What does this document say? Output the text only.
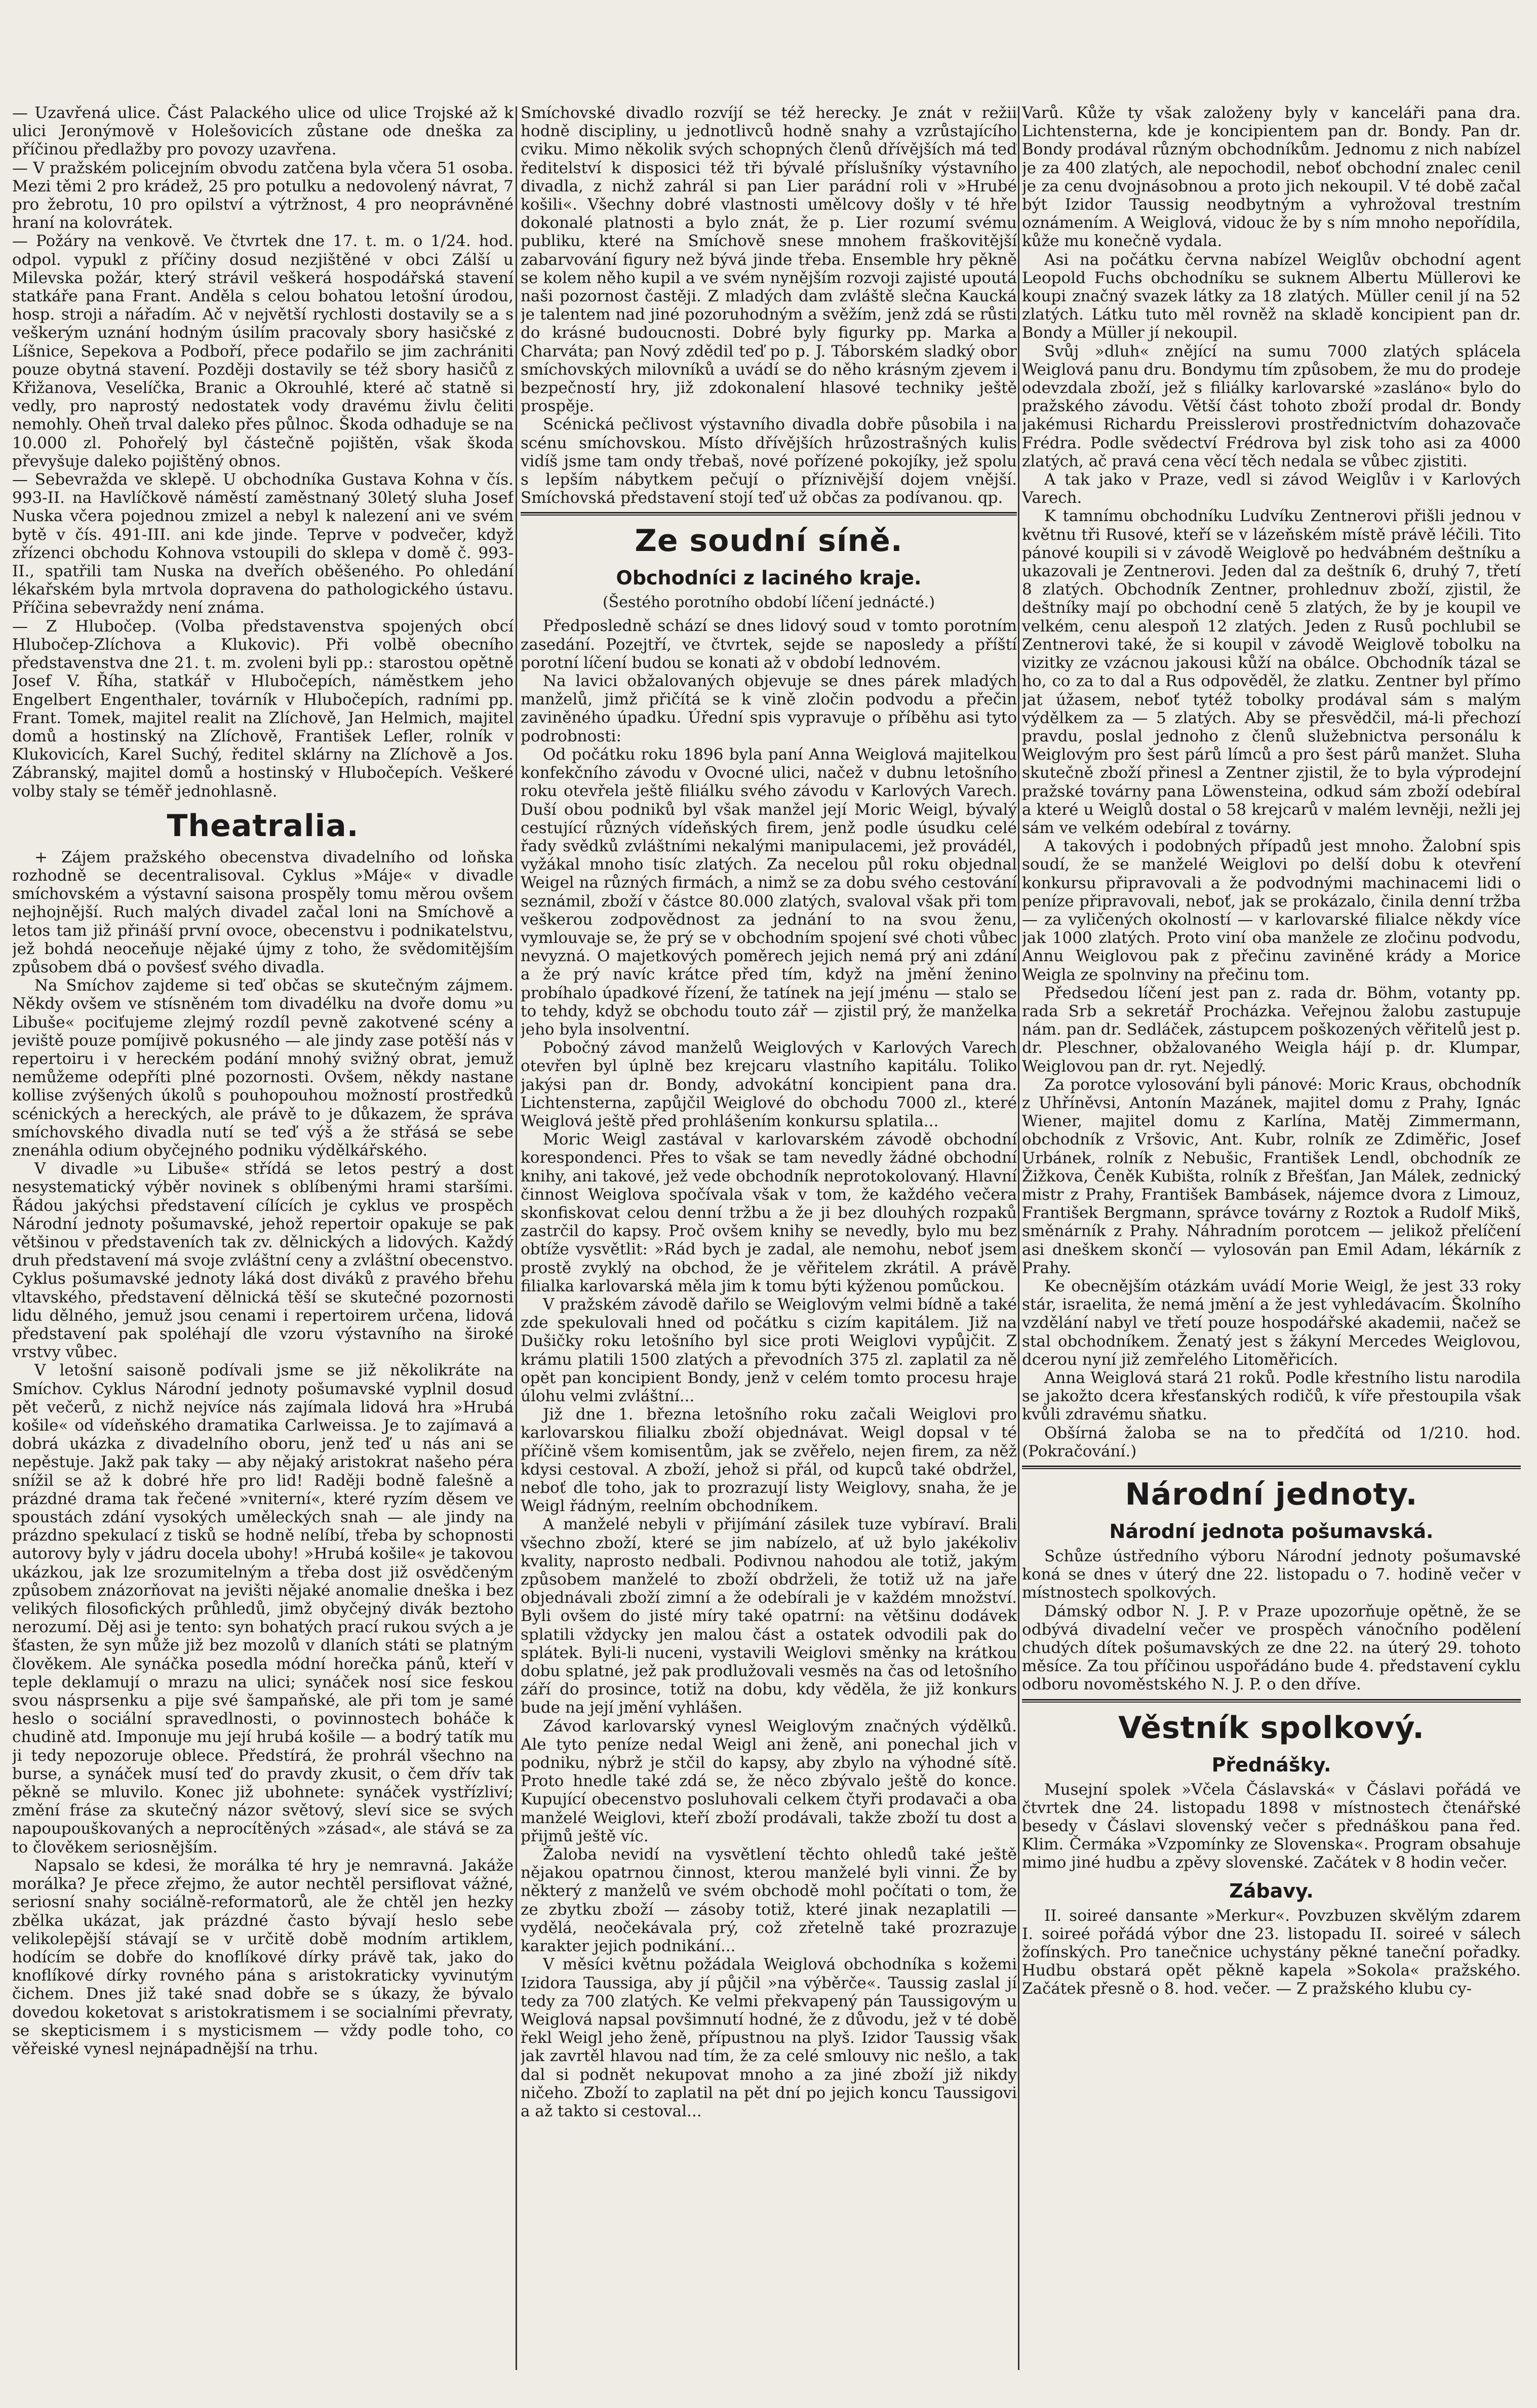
— Uzavřená ulice. Část Palackého ulice od ulice Trojské až k ulici Jeronýmově v Holešovicích zůstane ode dneška za příčinou předlažby pro povozy uzavřena.

— V pražském policejním obvodu zatčena byla včera 51 osoba. Mezi těmi 2 pro krádež, 25 pro potulku a nedovolený návrat, 7 pro žebrotu, 10 pro opilství a výtržnost, 4 pro neoprávněné hraní na kolovrátek.

— Požáry na venkově. Ve čtvrtek dne 17. t. m. o 1/24. hod. odpol. vypukl z příčiny dosud nezjištěné v obci Zálší u Milevska požár, který strávil veškerá hospodářská stavení statkáře pana Frant. Anděla s celou bohatou letošní úrodou, hosp. stroji a nářadím. Ač v největší rychlosti dostavily se a s veškerým uznání hodným úsilím pracovaly sbory hasičské z Líšnice, Sepekova a Podboří, přece podařilo se jim zachrániti pouze obytná stavení. Později dostavily se též sbory hasičů z Křižanova, Veselíčka, Branic a Okrouhlé, které ač statně si vedly, pro naprostý nedostatek vody dravému živlu čeliti nemohly. Oheň trval daleko přes půlnoc. Škoda odhaduje se na 10.000 zl. Pohořelý byl částečně pojištěn, však škoda převyšuje daleko pojištěný obnos.

— Sebevražda ve sklepě. U obchodníka Gustava Kohna v čís. 993-II. na Havlíčkově náměstí zaměstnaný 30letý sluha Josef Nuska včera pojednou zmizel a nebyl k nalezení ani ve svém bytě v čís. 491-III. ani kde jinde. Teprve v podvečer, když zřízenci obchodu Kohnova vstoupili do sklepa v domě č. 993-II., spatřili tam Nuska na dveřích oběšeného. Po ohledání lékařském byla mrtvola dopravena do pathologického ústavu. Příčina sebevraždy není známa.

— Z Hlubočep. (Volba představenstva spojených obcí Hlubočep-Zlíchova a Klukovic). Při volbě obecního představenstva dne 21. t. m. zvoleni byli pp.: starostou opětně Josef V. Říha, statkář v Hlubočepích, náměstkem jeho Engelbert Engenthaler, továrník v Hlubočepích, radními pp. Frant. Tomek, majitel realit na Zlíchově, Jan Helmich, majitel domů a hostinský na Zlíchově, František Lefler, rolník v Klukovicích, Karel Suchý, ředitel sklárny na Zlíchově a Jos. Zábranský, majitel domů a hostinský v Hlubočepích. Veškeré volby staly se téměř jednohlasně.

Theatralia.

+ Zájem pražského obecenstva divadelního od loňska rozhodně se decentralisoval. Cyklus »Máje« v divadle smíchovském a výstavní saisona prospěly tomu měrou ovšem nejhojnější. Ruch malých divadel začal loni na Smíchově a letos tam již přináší první ovoce, obecenstvu i podnikatelstvu, jež bohdá neoceňuje nějaké újmy z toho, že svědomitějším způsobem dbá o povšesť svého divadla.

Na Smíchov zajdeme si teď občas se skutečným zájmem. Někdy ovšem ve stísněném tom divadélku na dvoře domu »u Libuše« pociťujeme zlejmý rozdíl pevně zakotvené scény a jeviště pouze pomíjivě pokusného — ale jindy zase potěší nás v repertoiru i v hereckém podání mnohý svižný obrat, jemuž nemůžeme odepříti plné pozornosti. Ovšem, někdy nastane kollise zvýšených úkolů s pouhopouhou možností prostředků scénických a hereckých, ale právě to je důkazem, že správa smíchovského divadla nutí se teď výš a že střásá se sebe znenáhla odium obyčejného podniku výdělkářského.

V divadle »u Libuše« střídá se letos pestrý a dost nesystematický výběr novinek s oblíbenými hrami staršími. Řádou jakýchsi představení cílících je cyklus ve prospěch Národní jednoty pošumavské, jehož repertoir opakuje se pak většinou v představeních tak zv. dělnických a lidových. Každý druh představení má svoje zvláštní ceny a zvláštní obecenstvo. Cyklus pošumavské jednoty láká dost diváků z pravého břehu vltavského, představení dělnická těší se skutečné pozornosti lidu dělného, jemuž jsou cenami i repertoirem určena, lidová představení pak spoléhají dle vzoru výstavního na široké vrstvy vůbec.

V letošní saisoně podívali jsme se již několikráte na Smíchov. Cyklus Národní jednoty pošumavské vyplnil dosud pět večerů, z nichž nejvíce nás zajímala lidová hra »Hrubá košile« od vídeňského dramatika Carlweissa. Je to zajímavá a dobrá ukázka z divadelního oboru, jenž teď u nás ani se nepěstuje. Jakž pak taky — aby nějaký aristokrat našeho péra snížil se až k dobré hře pro lid! Raději bodně falešně a prázdné drama tak řečené »vniterní«, které ryzím děsem ve spoustách zdání vysokých uměleckých snah — ale jindy na prázdno spekulací z tisků se hodně nelíbí, třeba by schopnosti autorovy byly v jádru docela ubohy! »Hrubá košile« je takovou ukázkou, jak lze srozumitelným a třeba dost již osvědčeným způsobem znázorňovat na jevišti nějaké anomalie dneška i bez velikých filosofických průhledů, jimž obyčejný divák beztoho nerozumí. Děj asi je tento: syn bohatých prací rukou svých a je šťasten, že syn může již bez mozolů v dlaních státi se platným člověkem. Ale synáčka posedla módní horečka pánů, kteří v teple deklamují o mrazu na ulici; synáček nosí sice feskou svou násprsenku a pije své šampaňské, ale při tom je samé heslo o sociální spravedlnosti, o povinnostech boháče k chudině atd. Imponuje mu její hrubá košile — a bodrý tatík mu ji tedy nepozoruje oblece. Předstírá, že prohrál všechno na burse, a synáček musí teď do pravdy zkusit, o čem dřív tak pěkně se mluvilo. Konec již ubohnete: synáček vystřízliví; změní fráse za skutečný názor světový, sleví sice se svých napoupouškovaných a neprocítěných »zásad«, ale stává se za to člověkem seriosnějším.

Napsalo se kdesi, že morálka té hry je nemravná. Jakáže morálka? Je přece zřejmo, že autor nechtěl persiflovat vážné, seriosní snahy sociálně-reformatorů, ale že chtěl jen hezky zbělka ukázat, jak prázdné často bývají heslo sebe velikolepější stávají se v určitě době modním artiklem, hodícím se dobře do knoflíkové dírky právě tak, jako do knoflíkové dírky rovného pána s aristokraticky vyvinutým čichem. Dnes již také snad dobře se s úkazy, že bývalo dovedou koketovat s aristokratismem i se socialními převraty, se skepticismem i s mysticismem — vždy podle toho, co věřeiské vynesl nejnápadnější na trhu.

Smíchovské divadlo rozvíjí se též herecky. Je znát v režii hodně discipliny, u jednotlivců hodně snahy a vzrůstajícího cviku. Mimo několik svých schopných členů dřívějších má teď ředitelství k disposici též tři bývalé příslušníky výstavního divadla, z nichž zahrál si pan Lier parádní roli v »Hrubé košili«. Všechny dobré vlastnosti umělcovy došly v té hře dokonalé platnosti a bylo znát, že p. Lier rozumí svému publiku, které na Smíchově snese mnohem fraškovitější zabarvování figury než bývá jinde třeba. Ensemble hry pěkně se kolem něho kupil a ve svém nynějším rozvoji zajisté upoutá naši pozornost častěji. Z mladých dam zvláště slečna Kaucká je talentem nad jiné pozoruhodným a svěžím, jenž zdá se růsti do krásné budoucnosti. Dobré byly figurky pp. Marka a Charváta; pan Nový zdědil teď po p. J. Táborském sladký obor smíchovských milovníků a uvádí se do něho krásným zjevem i bezpečností hry, již zdokonalení hlasové techniky ještě prospěje.

Scénická pečlivost výstavního divadla dobře působila i na scénu smíchovskou. Místo dřívějších hrůzostrašných kulis vidíš jsme tam ondy třebaš, nové pořízené pokojíky, jež spolu s lepším nábytkem pečují o příznivější dojem vnější. Smíchovská představení stojí teď už občas za podívanou. qp.

Ze soudní síně.
Obchodníci z laciného kraje.
(Šestého porotního období líčení jednácté.)

Předposledně schází se dnes lidový soud v tomto porotním zasedání. Pozejtří, ve čtvrtek, sejde se naposledy a příští porotní líčení budou se konati až v období lednovém.

Na lavici obžalovaných objevuje se dnes párek mladých manželů, jimž přičítá se k vině zločin podvodu a přečin zaviněného úpadku. Úřední spis vypravuje o příběhu asi tyto podrobnosti:

Od počátku roku 1896 byla paní Anna Weiglová majitelkou konfekčního závodu v Ovocné ulici, načež v dubnu letošního roku otevřela ještě filiálku svého závodu v Karlových Varech. Duší obou podniků byl však manžel její Moric Weigl, bývalý cestující různých vídeňských firem, jenž podle úsudku celé řady svědků zvláštními nekalými manipulacemi, jež provádél, vyžákal mnoho tisíc zlatých. Za necelou půl roku objednal Weigel na různých firmách, a nimž se za dobu svého cestování seznámil, zboží v částce 80.000 zlatých, svaloval však při tom veškerou zodpovědnost za jednání to na svou ženu, vymlouvaje se, že prý se v obchodním spojení své choti vůbec nevyzná. O majetkových poměrech jejich nemá prý ani zdání a že prý navíc krátce před tím, když na jmění ženino probíhalo úpadkové řízení, že tatínek na její jménu — stalo se to tehdy, když se obchodu touto zář — zjistil prý, že manželka jeho byla insolventní.

Pobočný závod manželů Weiglových v Karlových Varech otevřen byl úplně bez krejcaru vlastního kapitálu. Toliko jakýsi pan dr. Bondy, advokátní koncipient pana dra. Lichtensterna, zapůjčil Weiglové do obchodu 7000 zl., které Weiglová ještě před prohlášením konkursu splatila...

Moric Weigl zastával v karlovarském závodě obchodní korespondenci. Přes to však se tam nevedly žádné obchodní knihy, ani takové, jež vede obchodník neprotokolovaný. Hlavní činnost Weiglova spočívala však v tom, že každého večera skonfiskovat celou denní tržbu a že ji bez dlouhých rozpaků zastrčil do kapsy. Proč ovšem knihy se nevedly, bylo mu bez obtíže vysvětlit: »Rád bych je zadal, ale nemohu, neboť jsem prostě zvyklý na obchod, že je věřitelem zkrátil. A právě filialka karlovarská měla jim k tomu býti kýženou pomůckou.

V pražském závodě dařilo se Weiglovým velmi bídně a také zde spekulovali hned od počátku s cizím kapitálem. Již na Dušičky roku letošního byl sice proti Weiglovi vypůjčit. Z krámu platili 1500 zlatých a převodních 375 zl. zaplatil za ně opět pan koncipient Bondy, jenž v celém tomto procesu hraje úlohu velmi zvláštní...

Již dne 1. března letošního roku začali Weiglovi pro karlovarskou filialku zboží objednávat. Weigl dopsal v té příčině všem komisentům, jak se zvěřelo, nejen firem, za něž kdysi cestoval. A zboží, jehož si přál, od kupců také obdržel, neboť dle toho, jak to prozrazují listy Weiglovy, snaha, že je Weigl řádným, reelním obchodníkem.

A manželé nebyli v přijímání zásilek tuze vybíraví. Brali všechno zboží, které se jim nabízelo, ať už bylo jakékoliv kvality, naprosto nedbali. Podivnou nahodou ale totiž, jakým způsobem manželé to zboží obdrželi, že totiž už na jaře objednávali zboží zimní a že odebírali je v každém množství. Byli ovšem do jisté míry také opatrní: na většinu dodávek splatili vždycky jen malou část a ostatek odvodili pak do splátek. Byli-li nuceni, vystavili Weiglovi směnky na krátkou dobu splatné, jež pak prodlužovali vesměs na čas od letošního září do prosince, totiž na dobu, kdy věděla, že již konkurs bude na její jmění vyhlášen.

Závod karlovarský vynesl Weiglovým značných výdělků. Ale tyto peníze nedal Weigl ani ženě, ani ponechal jich v podniku, nýbrž je stčil do kapsy, aby zbylo na výhodné sítě. Proto hnedle také zdá se, že něco zbývalo ještě do konce. Kupující obecenstvo posluhovali celkem čtyři prodavači a oba manželé Weiglovi, kteří zboží prodávali, takže zboží tu dost a přijmů ještě víc.

Žaloba nevidí na vysvětlení těchto ohledů také ještě nějakou opatrnou činnost, kterou manželé byli vinni. Že by některý z manželů ve svém obchodě mohl počítati o tom, že ze zbytku zboží — zásoby totiž, které jinak nezaplatili — vydělá, neočekávala prý, což zřetelně také prozrazuje karakter jejich podnikání...

V měsíci květnu požádala Weiglová obchodníka s kožemi Izidora Taussiga, aby jí půjčil »na výběrče«. Taussig zaslal jí tedy za 700 zlatých. Ke velmi překvapený pán Taussigovým u Weiglová napsal povšimnutí hodné, že z důvodu, jež v té době řekl Weigl jeho ženě, přípustnou na plyš. Izidor Taussig však jak zavrtěl hlavou nad tím, že za celé smlouvy nic nešlo, a tak dal si podnět nekupovat mnoho a za jiné zboží již nikdy ničeho. Zboží to zaplatil na pět dní po jejich koncu Taussigovi a až takto si cestoval...

Varů. Kůže ty však založeny byly v kanceláři pana dra. Lichtensterna, kde je koncipientem pan dr. Bondy. Pan dr. Bondy prodával různým obchodníkům. Jednomu z nich nabízel je za 400 zlatých, ale nepochodil, neboť obchodní znalec cenil je za cenu dvojnásobnou a proto jich nekoupil. V té době začal být Izidor Taussig neodbytným a vyhrožoval trestním oznámením. A Weiglová, vidouc že by s ním mnoho nepořídila, kůže mu konečně vydala.

Asi na počátku června nabízel Weiglův obchodní agent Leopold Fuchs obchodníku se suknem Albertu Müllerovi ke koupi značný svazek látky za 18 zlatých. Müller cenil jí na 52 zlatých. Látku tuto měl rovněž na skladě koncipient pan dr. Bondy a Müller jí nekoupil.

Svůj »dluh« znějící na sumu 7000 zlatých splácela Weiglová panu dru. Bondymu tím způsobem, že mu do prodeje odevzdala zboží, jež s filiálky karlovarské »zasláno« bylo do pražského závodu. Větší část tohoto zboží prodal dr. Bondy jakémusi Richardu Preisslerovi prostřednictvím dohazovače Frédra. Podle svědectví Frédrova byl zisk toho asi za 4000 zlatých, ač pravá cena věcí těch nedala se vůbec zjistiti.

A tak jako v Praze, vedl si závod Weiglův i v Karlových Varech.

K tamnímu obchodníku Ludvíku Zentnerovi přišli jednou v květnu tři Rusové, kteří se v lázeňském místě právě léčili. Tito pánové koupili si v závodě Weiglově po hedvábném deštníku a ukazovali je Zentnerovi. Jeden dal za deštník 6, druhý 7, třetí 8 zlatých. Obchodník Zentner, prohlednuv zboží, zjistil, že deštníky mají po obchodní ceně 5 zlatých, že by je koupil ve velkém, cenu alespoň 12 zlatých. Jeden z Rusů pochlubil se Zentnerovi také, že si koupil v závodě Weiglově tobolku na vizitky ze vzácnou jakousi kůží na obálce. Obchodník tázal se ho, co za to dal a Rus odpověděl, že zlatku. Zentner byl přímo jat úžasem, neboť tytéž tobolky prodával sám s malým výdělkem za — 5 zlatých. Aby se přesvědčil, má-li přechozí pravdu, poslal jednoho z členů služebnictva personálu k Weiglovým pro šest párů límců a pro šest párů manžet. Sluha skutečně zboží přinesl a Zentner zjistil, že to byla výprodejní pražské továrny pana Löwensteina, odkud sám zboží odebíral a které u Weiglů dostal o 58 krejcarů v malém levněji, nežli jej sám ve velkém odebíral z továrny.

A takových i podobných případů jest mnoho. Žalobní spis soudí, že se manželé Weiglovi po delší dobu k otevření konkursu připravovali a že podvodnými machinacemi lidi o peníze připravovali, neboť, jak se prokázalo, činila denní tržba — za vyličených okolností — v karlovarské filialce někdy více jak 1000 zlatých. Proto viní oba manžele ze zločinu podvodu, Annu Weiglovou pak z přečinu zaviněné krády a Morice Weigla ze spolnviny na přečinu tom.

Předsedou líčení jest pan z. rada dr. Böhm, votanty pp. rada Srb a sekretář Procházka. Veřejnou žalobu zastupuje nám. pan dr. Sedláček, zástupcem poškozených věřitelů jest p. dr. Pleschner, obžalovaného Weigla hájí p. dr. Klumpar, Weiglovou pan dr. ryt. Nejedlý.

Za porotce vylosování byli pánové: Moric Kraus, obchodník z Uhříněvsi, Antonín Mazánek, majitel domu z Prahy, Ignác Wiener, majitel domu z Karlína, Matěj Zimmermann, obchodník z Vršovic, Ant. Kubr, rolník ze Zdiměřic, Josef Urbánek, rolník z Nebušic, František Lendl, obchodník ze Žižkova, Čeněk Kubišta, rolník z Břešťan, Jan Málek, zednický mistr z Prahy, František Bambásek, nájemce dvora z Limouz, František Bergmann, správce továrny z Roztok a Rudolf Mikš, směnárník z Prahy. Náhradním porotcem — jelikož přelíčení asi dneškem skončí — vylosován pan Emil Adam, lékárník z Prahy.

Ke obecnějším otázkám uvádí Morie Weigl, že jest 33 roky stár, israelita, že nemá jmění a že jest vyhledávacím. Školního vzdělání nabyl ve třetí pouze hospodářské akademii, načež se stal obchodníkem. Ženatý jest s žákyní Mercedes Weiglovou, dcerou nyní již zemřelého Litoměřicích.

Anna Weiglová stará 21 roků. Podle křestního listu narodila se jakožto dcera křesťanských rodičů, k víře přestoupila však kvůli zdravému sňatku.

Obšírná žaloba se na to předčítá od 1/210. hod. (Pokračování.)

Národní jednoty.
Národní jednota pošumavská.

Schůze ústředního výboru Národní jednoty pošumavské koná se dnes v úterý dne 22. listopadu o 7. hodině večer v místnostech spolkových.

Dámský odbor N. J. P. v Praze upozorňuje opětně, že se odbývá divadelní večer ve prospěch vánočního podělení chudých dítek pošumavských ze dne 22. na úterý 29. tohoto měsíce. Za tou příčinou uspořádáno bude 4. představení cyklu odboru novoměstského N. J. P. o den dříve.

Věstník spolkový.
Přednášky.

Musejní spolek »Včela Čáslavská« v Čáslavi pořádá ve čtvrtek dne 24. listopadu 1898 v místnostech čtenářské besedy v Čáslavi slovenský večer s přednáškou pana řed. Klim. Čermáka »Vzpomínky ze Slovenska«. Program obsahuje mimo jiné hudbu a zpěvy slovenské. Začátek v 8 hodin večer.

Zábavy.

II. soireé dansante »Merkur«. Povzbuzen skvělým zdarem I. soireé pořádá výbor dne 23. listopadu II. soireé v sálech žofínských. Pro tanečnice uchystány pěkné taneční pořadky. Hudbu obstará opět pěkně kapela »Sokola« pražského. Začátek přesně o 8. hod. večer. — Z pražského klubu cy-
